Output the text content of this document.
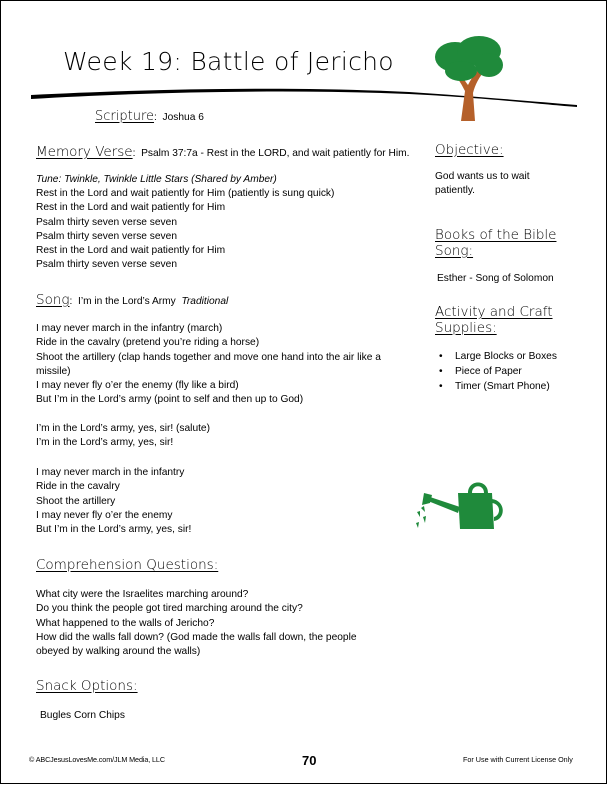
Week 19: Battle of Jericho
Scripture:  Joshua 6
Memory Verse:  Psalm 37:7a - Rest in the LORD, and wait patiently for Him.
Tune: Twinkle, Twinkle Little Stars (Shared by Amber)
Rest in the Lord and wait patiently for Him (patiently is sung quick)
Rest in the Lord and wait patiently for Him
Psalm thirty seven verse seven
Psalm thirty seven verse seven
Rest in the Lord and wait patiently for Him
Psalm thirty seven verse seven
Song:  I’m in the Lord’s Army Traditional
I may never march in the infantry (march)
Ride in the cavalry (pretend you’re riding a horse)
Shoot the artillery (clap hands together and move one hand into the air like a
missile)
I may never fly o’er the enemy (fly like a bird)
But I’m in the Lord’s army (point to self and then up to God)
I’m in the Lord’s army, yes, sir! (salute)
I’m in the Lord’s army, yes, sir!
I may never march in the infantry
Ride in the cavalry
Shoot the artillery
I may never fly o’er the enemy
But I’m in the Lord’s army, yes, sir!
Comprehension Questions:
What city were the Israelites marching around?
Do you think the people got tired marching around the city?
What happened to the walls of Jericho?
How did the walls fall down? (God made the walls fall down, the people
obeyed by walking around the walls)
Snack Options:
Bugles Corn Chips
Objective:
God wants us to wait patiently.
Books of the Bible Song:
Esther - Song of Solomon
Activity and Craft Supplies:
• Large Blocks or Boxes
• Piece of Paper
• Timer (Smart Phone)
© ABCJesusLovesMe.com/JLM Media, LLC	70	For Use with Current License Only
